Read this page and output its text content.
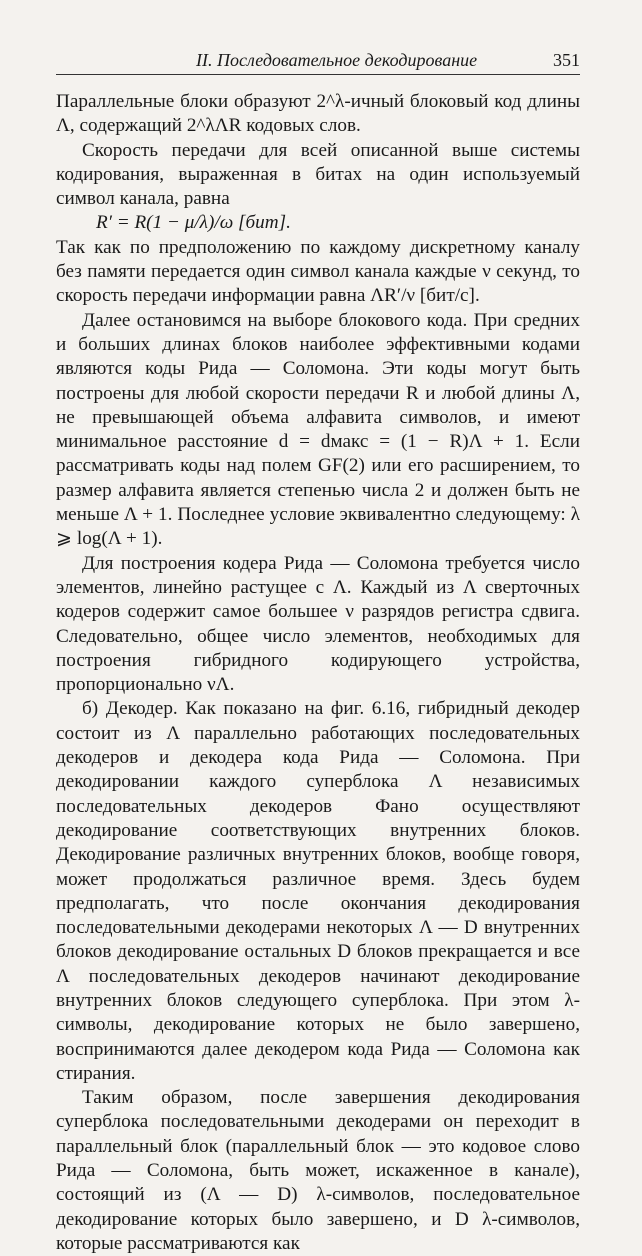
II. Последовательное декодирование	351

Параллельные блоки образуют 2^λ-ичный блоковый код длины Λ, содержащий 2^λΛR кодовых слов.

Скорость передачи для всей описанной выше системы кодирования, выраженная в битах на один используемый символ канала, равна

R′ = R(1 − μ/λ)/ω [бит].

Так как по предположению по каждому дискретному каналу без памяти передается один символ канала каждые ν секунд, то скорость передачи информации равна ΛR′/ν [бит/с].

Далее остановимся на выборе блокового кода. При средних и больших длинах блоков наиболее эффективными кодами являются коды Рида — Соломона. Эти коды могут быть построены для любой скорости передачи R и любой длины Λ, не превышающей объема алфавита символов, и имеют минимальное расстояние d = dмакс = (1 − R)Λ + 1. Если рассматривать коды над полем GF(2) или его расширением, то размер алфавита является степенью числа 2 и должен быть не меньше Λ + 1. Последнее условие эквивалентно следующему: λ ⩾ log(Λ + 1).

Для построения кодера Рида — Соломона требуется число элементов, линейно растущее с Λ. Каждый из Λ сверточных кодеров содержит самое большее ν разрядов регистра сдвига. Следовательно, общее число элементов, необходимых для построения гибридного кодирующего устройства, пропорционально νΛ.

б) Декодер. Как показано на фиг. 6.16, гибридный декодер состоит из Λ параллельно работающих последовательных декодеров и декодера кода Рида — Соломона. При декодировании каждого суперблока Λ независимых последовательных декодеров Фано осуществляют декодирование соответствующих внутренних блоков. Декодирование различных внутренних блоков, вообще говоря, может продолжаться различное время. Здесь будем предполагать, что после окончания декодирования последовательными декодерами некоторых Λ — D внутренних блоков декодирование остальных D блоков прекращается и все Λ последовательных декодеров начинают декодирование внутренних блоков следующего суперблока. При этом λ-символы, декодирование которых не было завершено, воспринимаются далее декодером кода Рида — Соломона как стирания.

Таким образом, после завершения декодирования суперблока последовательными декодерами он переходит в параллельный блок (параллельный блок — это кодовое слово Рида — Соломона, быть может, искаженное в канале), состоящий из (Λ — D) λ-символов, последовательное декодирование которых было завершено, и D λ-символов, которые рассматриваются как
